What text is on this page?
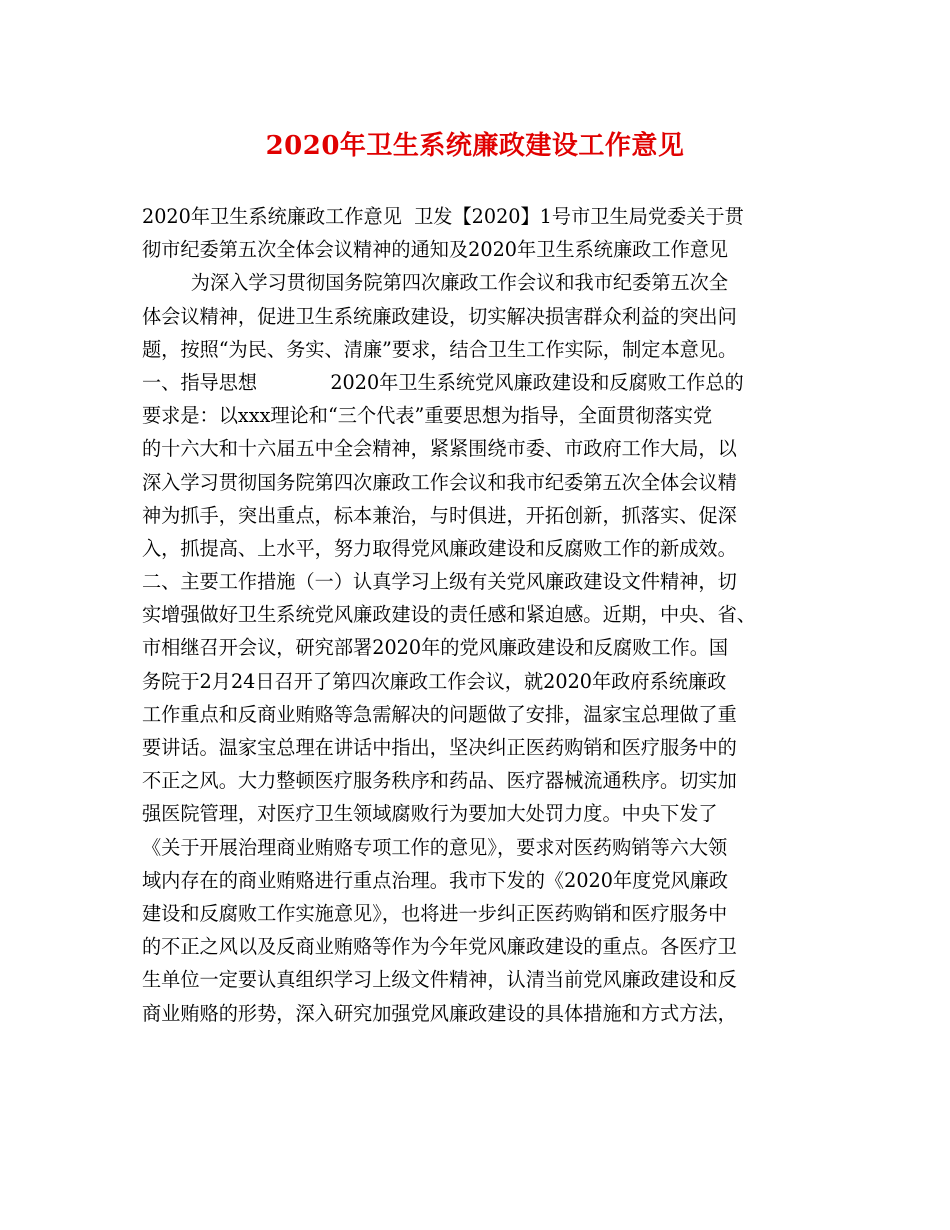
2020年卫生系统廉政建设工作意见
2020年卫生系统廉政工作意见  卫发【2020】1号市卫生局党委关于贯
彻市纪委第五次全体会议精神的通知及2020年卫生系统廉政工作意见
为深入学习贯彻国务院第四次廉政工作会议和我市纪委第五次全
体会议精神，促进卫生系统廉政建设，切实解决损害群众利益的突出问
题，按照“为民、务实、清廉”要求，结合卫生工作实际，制定本意见。
一、指导思想            2020年卫生系统党风廉政建设和反腐败工作总的
要求是：以xxx理论和“三个代表”重要思想为指导，全面贯彻落实党
的十六大和十六届五中全会精神，紧紧围绕市委、市政府工作大局，以
深入学习贯彻国务院第四次廉政工作会议和我市纪委第五次全体会议精
神为抓手，突出重点，标本兼治，与时俱进，开拓创新，抓落实、促深
入，抓提高、上水平，努力取得党风廉政建设和反腐败工作的新成效。
二、主要工作措施（一）认真学习上级有关党风廉政建设文件精神，切
实增强做好卫生系统党风廉政建设的责任感和紧迫感。近期，中央、省、
市相继召开会议，研究部署2020年的党风廉政建设和反腐败工作。国
务院于2月24日召开了第四次廉政工作会议，就2020年政府系统廉政
工作重点和反商业贿赂等急需解决的问题做了安排，温家宝总理做了重
要讲话。温家宝总理在讲话中指出，坚决纠正医药购销和医疗服务中的
不正之风。大力整顿医疗服务秩序和药品、医疗器械流通秩序。切实加
强医院管理，对医疗卫生领域腐败行为要加大处罚力度。中央下发了
《关于开展治理商业贿赂专项工作的意见》，要求对医药购销等六大领
域内存在的商业贿赂进行重点治理。我市下发的《2020年度党风廉政
建设和反腐败工作实施意见》，也将进一步纠正医药购销和医疗服务中
的不正之风以及反商业贿赂等作为今年党风廉政建设的重点。各医疗卫
生单位一定要认真组织学习上级文件精神，认清当前党风廉政建设和反
商业贿赂的形势，深入研究加强党风廉政建设的具体措施和方式方法，
